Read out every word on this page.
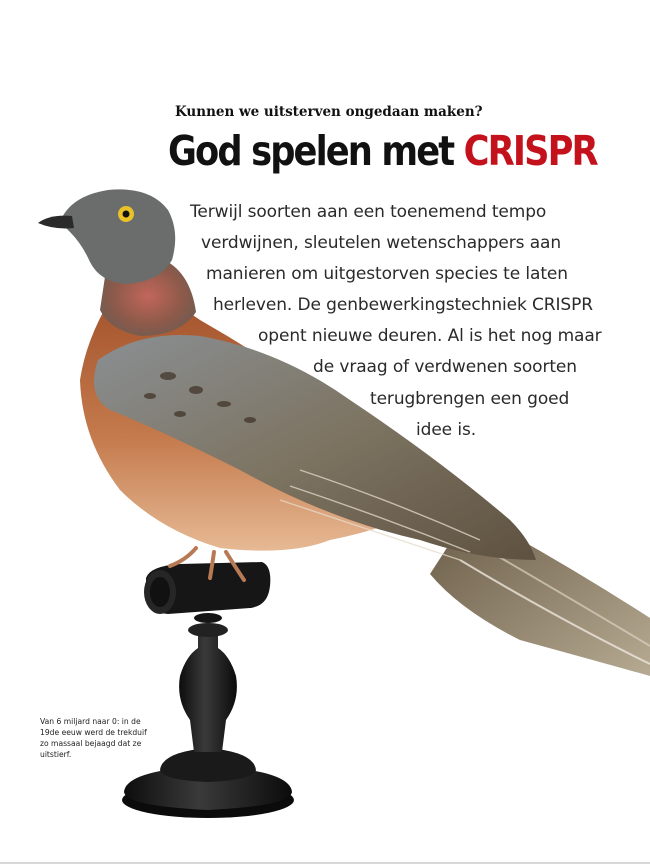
Kunnen we uitsterven ongedaan maken?
God spelen met CRISPR
Terwijl soorten aan een toenemend tempo
verdwijnen, sleutelen wetenschappers aan
manieren om uitgestorven species te laten
herleven. De genbewerkingstechniek CRISPR
opent nieuwe deuren. Al is het nog maar
de vraag of verdwenen soorten
terugbrengen een goed
idee is.
Van 6 miljard naar 0: in de
19de eeuw werd de trekduif
zo massaal bejaagd dat ze
uitstierf.
